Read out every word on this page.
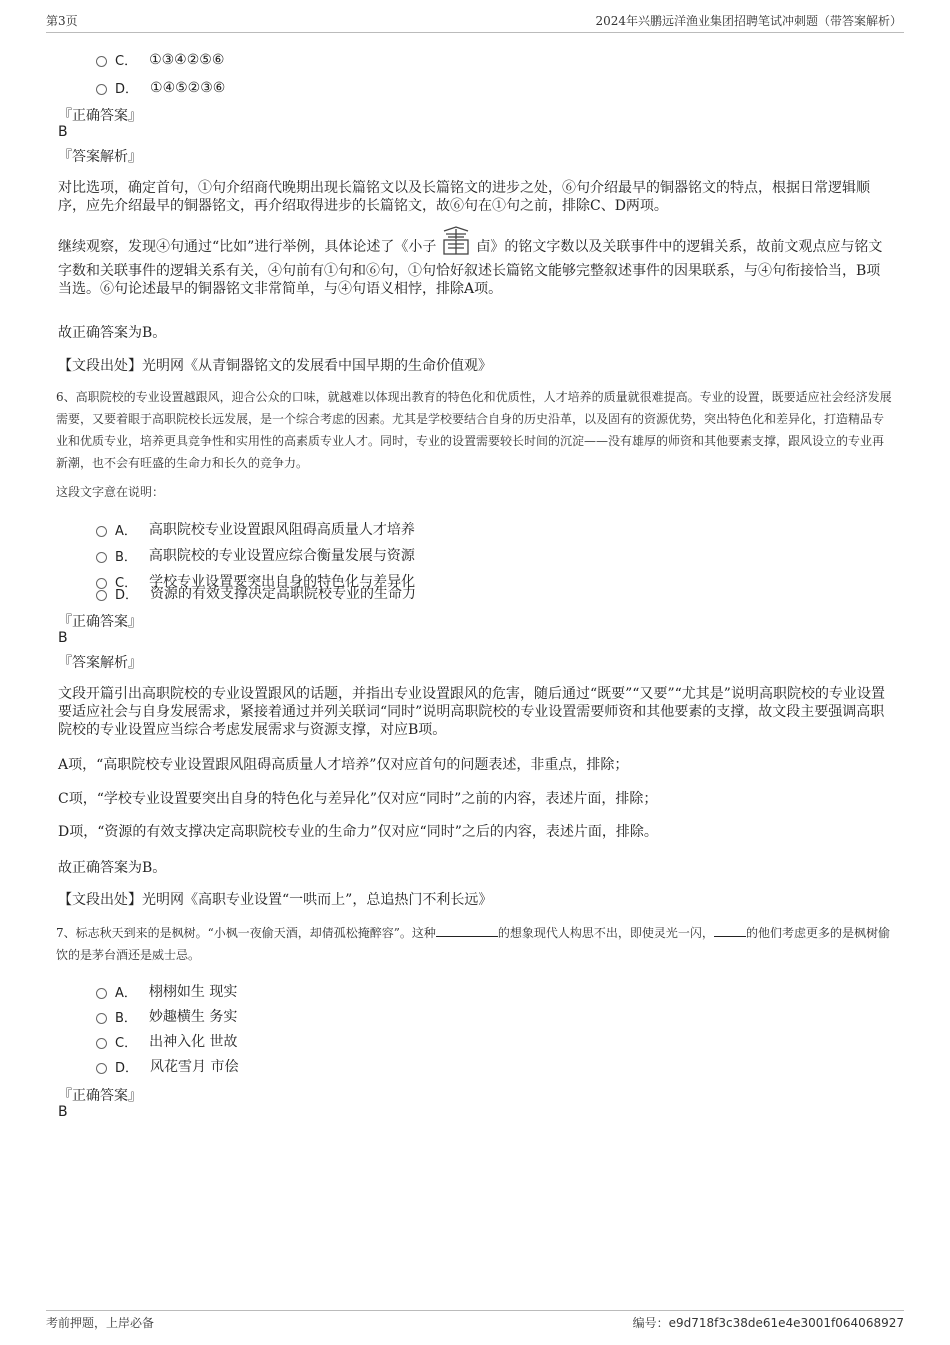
第3页	2024年兴鹏远洋渔业集团招聘笔试冲刺题（带答案解析）
C． ①③④②⑤⑥
D． ①④⑤②③⑥
『正确答案』
B
『答案解析』
对比选项，确定首句，①句介绍商代晚期出现长篇铭文以及长篇铭文的进步之处，⑥句介绍最早的铜器铭文的特点，根据日常逻辑顺序，应先介绍最早的铜器铭文，再介绍取得进步的长篇铭文，故⑥句在①句之前，排除C、D两项。
继续观察，发现④句通过“比如”进行举例，具体论述了《小子	卣》的铭文字数以及关联事件中的逻辑关系，故前文观点应与铭文字数和关联事件的逻辑关系有关，④句前有①句和⑥句，①句恰好叙述长篇铭文能够完整叙述事件的因果联系，与④句衔接恰当，B项当选。⑥句论述最早的铜器铭文非常简单，与④句语义相悖，排除A项。
故正确答案为B。
【文段出处】光明网《从青铜器铭文的发展看中国早期的生命价值观》
6、高职院校的专业设置越跟风，迎合公众的口味，就越难以体现出教育的特色化和优质性，人才培养的质量就很难提高。专业的设置，既要适应社会经济发展需要，又要着眼于高职院校长远发展，是一个综合考虑的因素。尤其是学校要结合自身的历史沿革，以及固有的资源优势，突出特色化和差异化，打造精品专业和优质专业，培养更具竞争性和实用性的高素质专业人才。同时，专业的设置需要较长时间的沉淀——没有雄厚的师资和其他要素支撑，跟风设立的专业再新潮，也不会有旺盛的生命力和长久的竞争力。
这段文字意在说明：
A． 高职院校专业设置跟风阻碍高质量人才培养
B． 高职院校的专业设置应综合衡量发展与资源
C． 学校专业设置要突出自身的特色化与差异化
D． 资源的有效支撑决定高职院校专业的生命力
『正确答案』
B
『答案解析』
文段开篇引出高职院校的专业设置跟风的话题，并指出专业设置跟风的危害，随后通过“既要”“又要”“尤其是”说明高职院校的专业设置要适应社会与自身发展需求，紧接着通过并列关联词“同时”说明高职院校的专业设置需要师资和其他要素的支撑，故文段主要强调高职院校的专业设置应当综合考虑发展需求与资源支撑，对应B项。
A项，“高职院校专业设置跟风阻碍高质量人才培养”仅对应首句的问题表述，非重点，排除；
C项，“学校专业设置要突出自身的特色化与差异化”仅对应“同时”之前的内容，表述片面，排除；
D项，“资源的有效支撑决定高职院校专业的生命力”仅对应“同时”之后的内容，表述片面，排除。
故正确答案为B。
【文段出处】光明网《高职专业设置“一哄而上”，总追热门不利长远》
7、标志秋天到来的是枫树。“小枫一夜偷天酒，却倩孤松掩醉容”。这种	的想象现代人构思不出，即使灵光一闪，	的他们考虑更多的是枫树偷饮的是茅台酒还是威士忌。
A． 栩栩如生 现实
B． 妙趣横生 务实
C． 出神入化 世故
D． 风花雪月 市侩
『正确答案』
B
考前押题，上岸必备	编号：e9d718f3c38de61e4e3001f064068927
